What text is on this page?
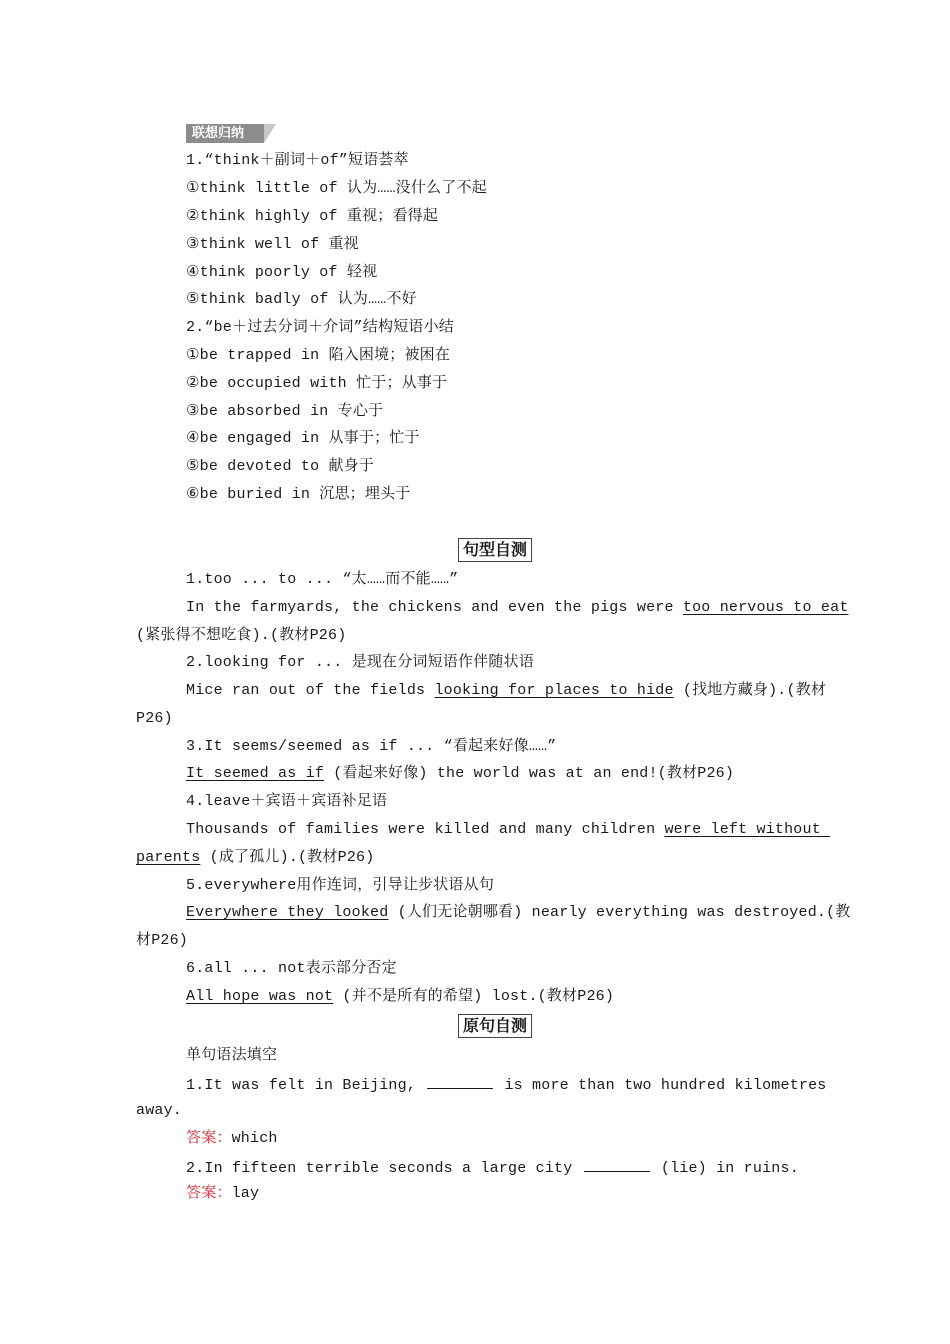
联想归纳
1.“think＋副词＋of”短语荟萃
①think little of 认为……没什么了不起
②think highly of 重视；看得起
③think well of 重视
④think poorly of 轻视
⑤think badly of 认为……不好
2.“be＋过去分词＋介词”结构短语小结
①be trapped in 陷入困境；被困在
②be occupied with 忙于；从事于
③be absorbed in 专心于
④be engaged in 从事于；忙于
⑤be devoted to 献身于
⑥be buried in 沉思；埋头于
句型自测
1.too ... to ... “太……而不能……”
In the farmyards, the chickens and even the pigs were too nervous to eat
(紧张得不想吃食).(教材P26)
2.looking for ... 是现在分词短语作伴随状语
Mice ran out of the fields looking for places to hide (找地方藏身).(教材
P26)
3.It seems/seemed as if ... “看起来好像……”
It seemed as if (看起来好像) the world was at an end!(教材P26)
4.leave＋宾语＋宾语补足语
Thousands of families were killed and many children were left without
parents (成了孤儿).(教材P26)
5.everywhere用作连词，引导让步状语从句
Everywhere they looked (人们无论朝哪看) nearly everything was destroyed.(教
材P26)
6.all ... not表示部分否定
All hope was not (并不是所有的希望) lost.(教材P26)
原句自测
单句语法填空
1.It was felt in Beijing,	is more than two hundred kilometres
away.
答案：which
2.In fifteen terrible seconds a large city	(lie) in ruins.
答案：lay
